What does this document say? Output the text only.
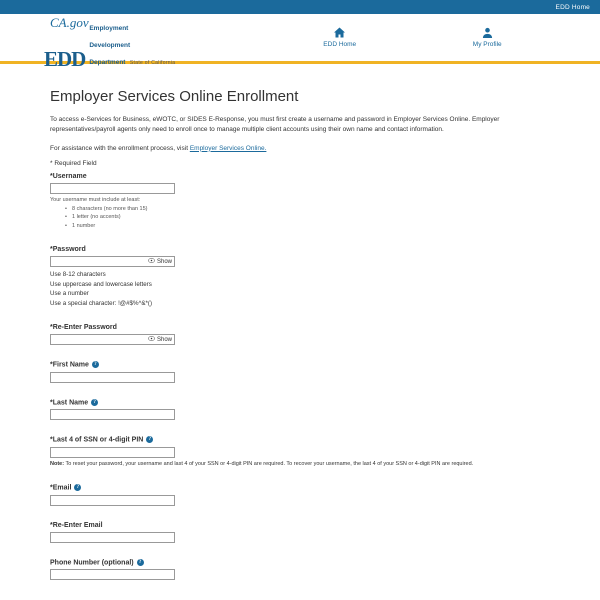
EDD Home
CA.gov
EDD
Employment
Development
Department State of California
EDD Home	My Profile
Employer Services Online Enrollment

To access e-Services for Business, eWOTC, or SIDES E-Response, you must first create a username and password in Employer Services Online. Employer representatives/payroll agents only need to enroll once to manage multiple client accounts using their own name and contact information.

For assistance with the enrollment process, visit Employer Services Online.

* Required Field

*Username

Your username must include at least:

• 8 characters (no more than 15)
• 1 letter (no accents)
• 1 number
*Password
Show
Use 8-12 characters
Use uppercase and lowercase letters
Use a number
Use a special character: !@#$%^&*()
*Re-Enter Password
Show
*First Name ?
*Last Name ?
*Last 4 of SSN or 4-digit PIN ?

Note: To reset your password, your username and last 4 of your SSN or 4-digit PIN are required. To recover your username, the last 4 of your SSN or 4-digit PIN are required.

*Email ?
*Re-Enter Email
Phone Number (optional) ?
